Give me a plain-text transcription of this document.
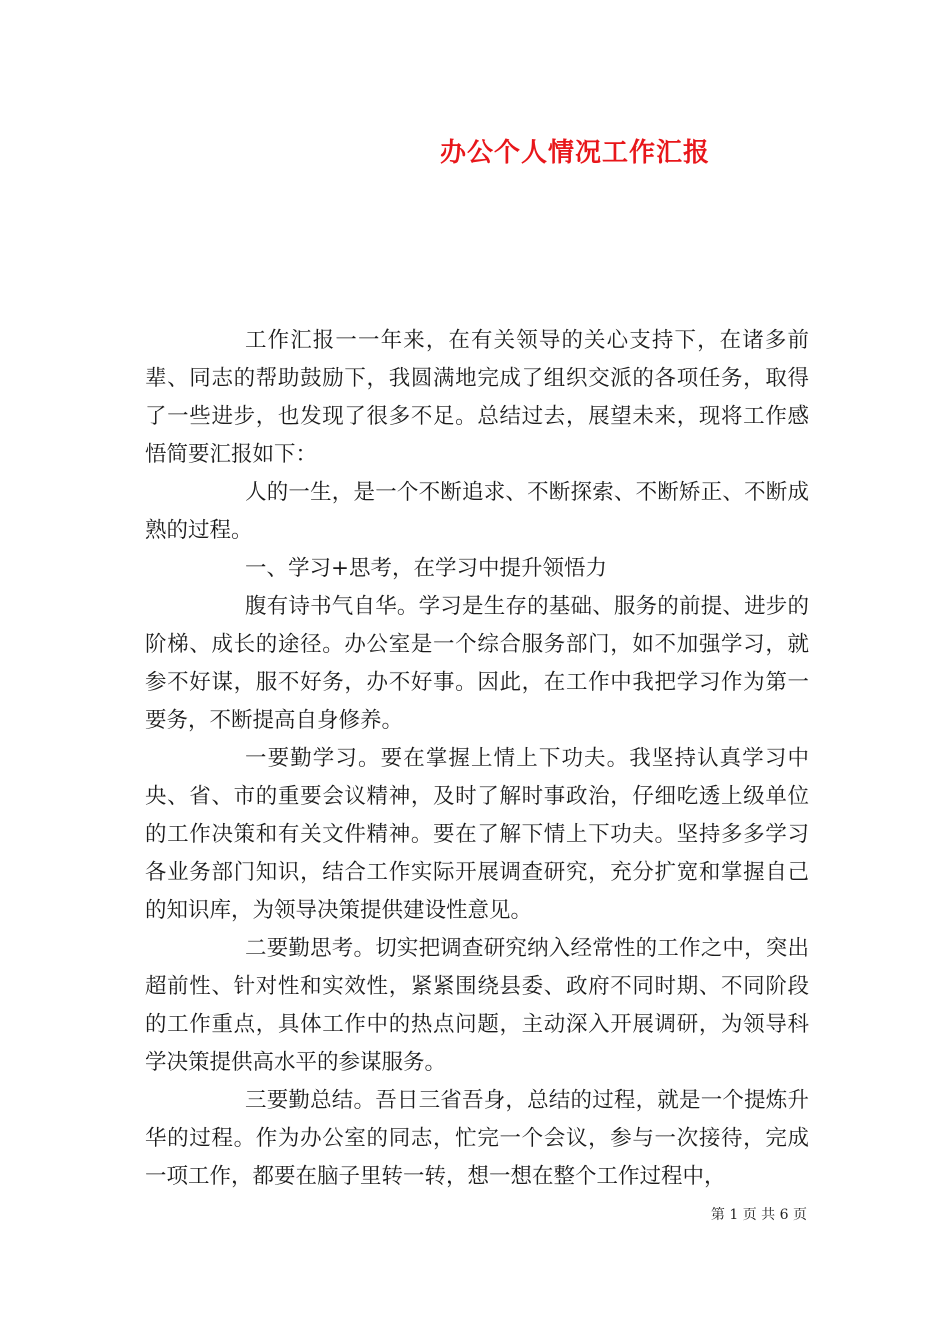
办公个人情况工作汇报

工作汇报一一年来，在有关领导的关心支持下，在诸多前辈、同志的帮助鼓励下，我圆满地完成了组织交派的各项任务，取得了一些进步，也发现了很多不足。总结过去，展望未来，现将工作感悟简要汇报如下：

人的一生，是一个不断追求、不断探索、不断矫正、不断成熟的过程。

一、学习+思考，在学习中提升领悟力

腹有诗书气自华。学习是生存的基础、服务的前提、进步的阶梯、成长的途径。办公室是一个综合服务部门，如不加强学习，就参不好谋，服不好务，办不好事。因此，在工作中我把学习作为第一要务，不断提高自身修养。

一要勤学习。要在掌握上情上下功夫。我坚持认真学习中央、省、市的重要会议精神，及时了解时事政治，仔细吃透上级单位的工作决策和有关文件精神。要在了解下情上下功夫。坚持多多学习各业务部门知识，结合工作实际开展调查研究，充分扩宽和掌握自己的知识库，为领导决策提供建设性意见。

二要勤思考。切实把调查研究纳入经常性的工作之中，突出超前性、针对性和实效性，紧紧围绕县委、政府不同时期、不同阶段的工作重点，具体工作中的热点问题，主动深入开展调研，为领导科学决策提供高水平的参谋服务。

三要勤总结。吾日三省吾身，总结的过程，就是一个提炼升华的过程。作为办公室的同志，忙完一个会议，参与一次接待，完成一项工作，都要在脑子里转一转，想一想在整个工作过程中，

第 1 页 共 6 页
